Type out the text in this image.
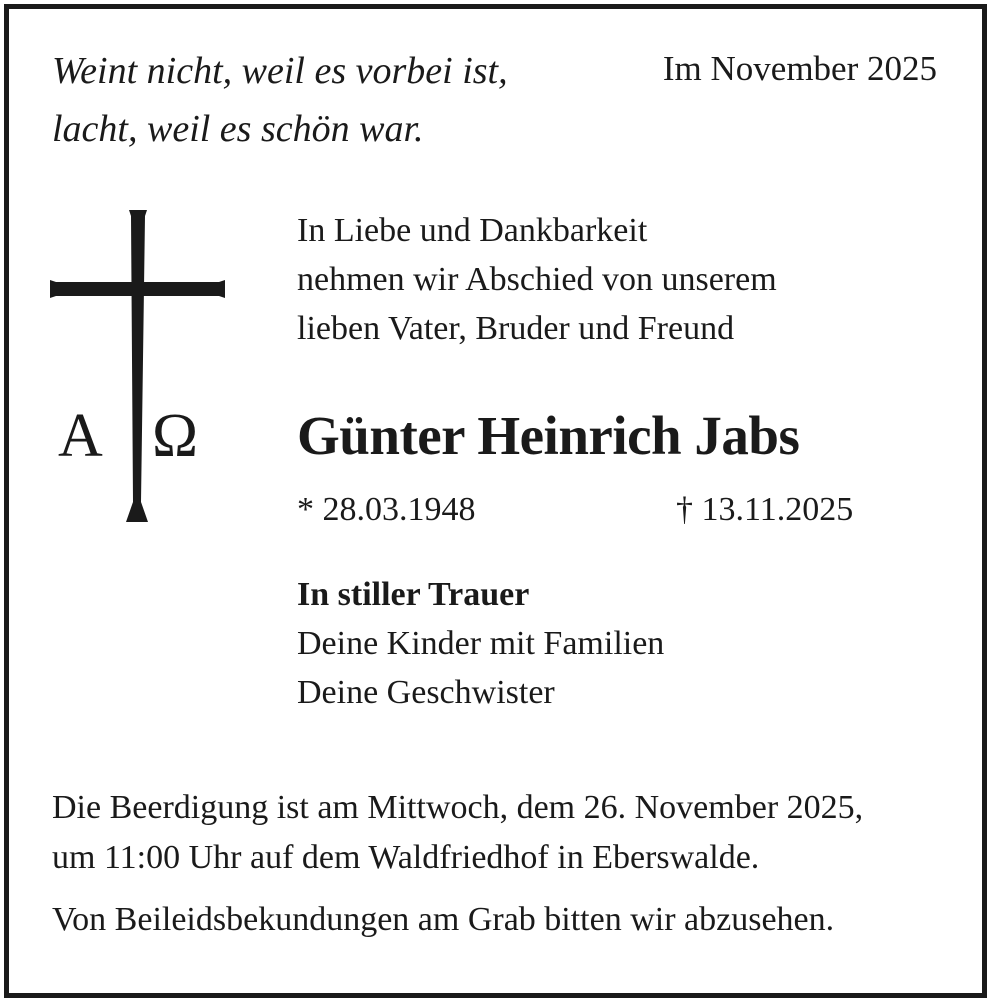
Weint nicht, weil es vorbei ist,
lacht, weil es schön war.
Im November 2025
A Ω
In Liebe und Dankbarkeit
nehmen wir Abschied von unserem
lieben Vater, Bruder und Freund
Günter Heinrich Jabs
* 28.03.1948	† 13.11.2025
In stiller Trauer
Deine Kinder mit Familien
Deine Geschwister
Die Beerdigung ist am Mittwoch, dem 26. November 2025,
um 11:00 Uhr auf dem Waldfriedhof in Eberswalde.
Von Beileidsbekundungen am Grab bitten wir abzusehen.
